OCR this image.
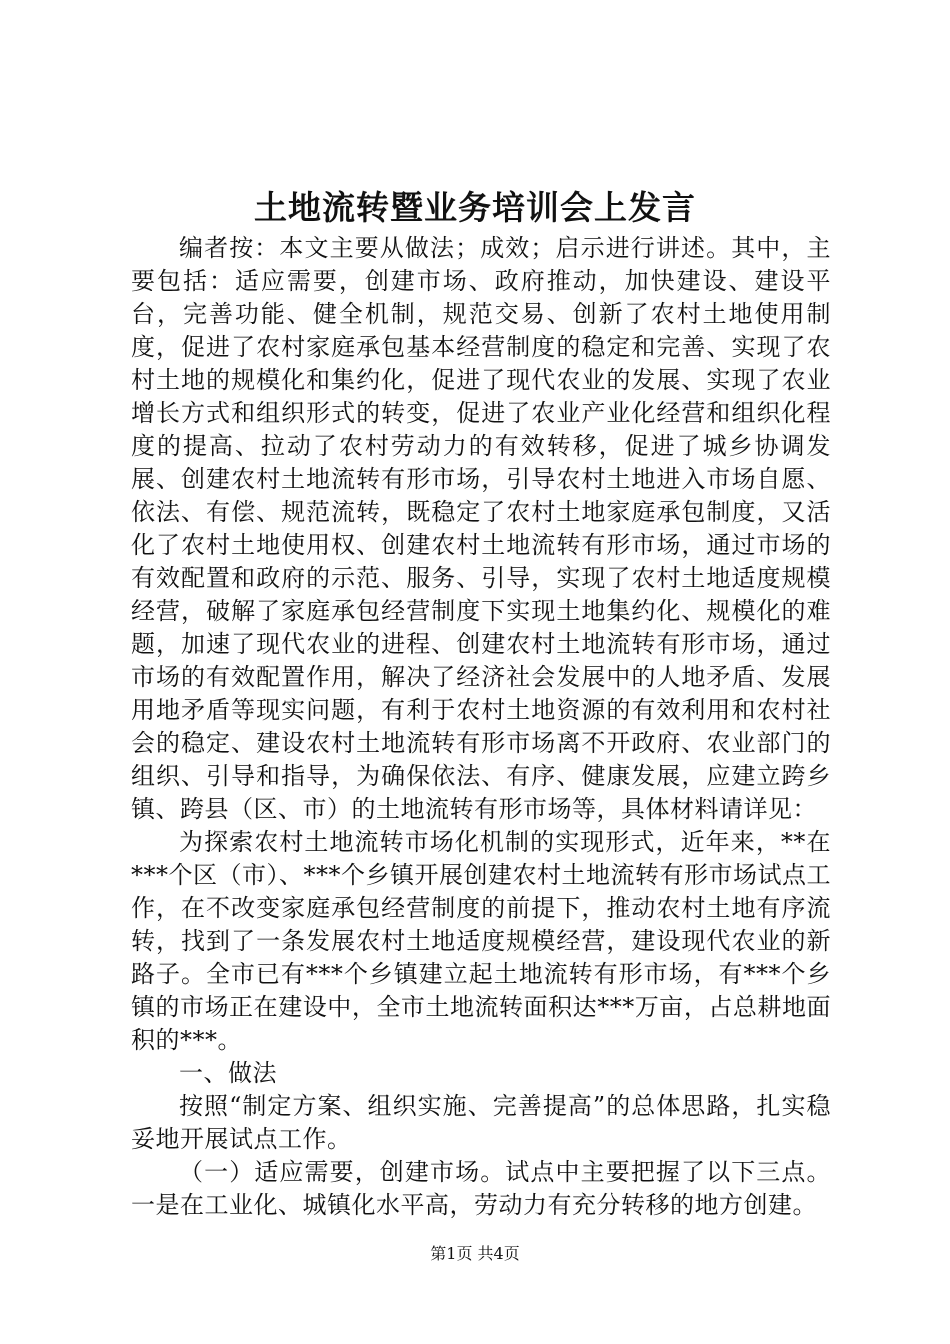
土地流转暨业务培训会上发言

编者按：本文主要从做法；成效；启示进行讲述。其中，主要包括：适应需要，创建市场、政府推动，加快建设、建设平台，完善功能、健全机制，规范交易、创新了农村土地使用制度，促进了农村家庭承包基本经营制度的稳定和完善、实现了农村土地的规模化和集约化，促进了现代农业的发展、实现了农业增长方式和组织形式的转变，促进了农业产业化经营和组织化程度的提高、拉动了农村劳动力的有效转移，促进了城乡协调发展、创建农村土地流转有形市场，引导农村土地进入市场自愿、依法、有偿、规范流转，既稳定了农村土地家庭承包制度，又活化了农村土地使用权、创建农村土地流转有形市场，通过市场的有效配置和政府的示范、服务、引导，实现了农村土地适度规模经营，破解了家庭承包经营制度下实现土地集约化、规模化的难题，加速了现代农业的进程、创建农村土地流转有形市场，通过市场的有效配置作用，解决了经济社会发展中的人地矛盾、发展用地矛盾等现实问题，有利于农村土地资源的有效利用和农村社会的稳定、建设农村土地流转有形市场离不开政府、农业部门的组织、引导和指导，为确保依法、有序、健康发展，应建立跨乡镇、跨县（区、市）的土地流转有形市场等，具体材料请详见：

为探索农村土地流转市场化机制的实现形式，近年来，**在***个区（市）、***个乡镇开展创建农村土地流转有形市场试点工作，在不改变家庭承包经营制度的前提下，推动农村土地有序流转，找到了一条发展农村土地适度规模经营，建设现代农业的新路子。全市已有***个乡镇建立起土地流转有形市场，有***个乡镇的市场正在建设中，全市土地流转面积达***万亩，占总耕地面积的***。

一、做法

按照“制定方案、组织实施、完善提高”的总体思路，扎实稳妥地开展试点工作。

（一）适应需要，创建市场。试点中主要把握了以下三点。一是在工业化、城镇化水平高，劳动力有充分转移的地方创建。

第1页 共4页
